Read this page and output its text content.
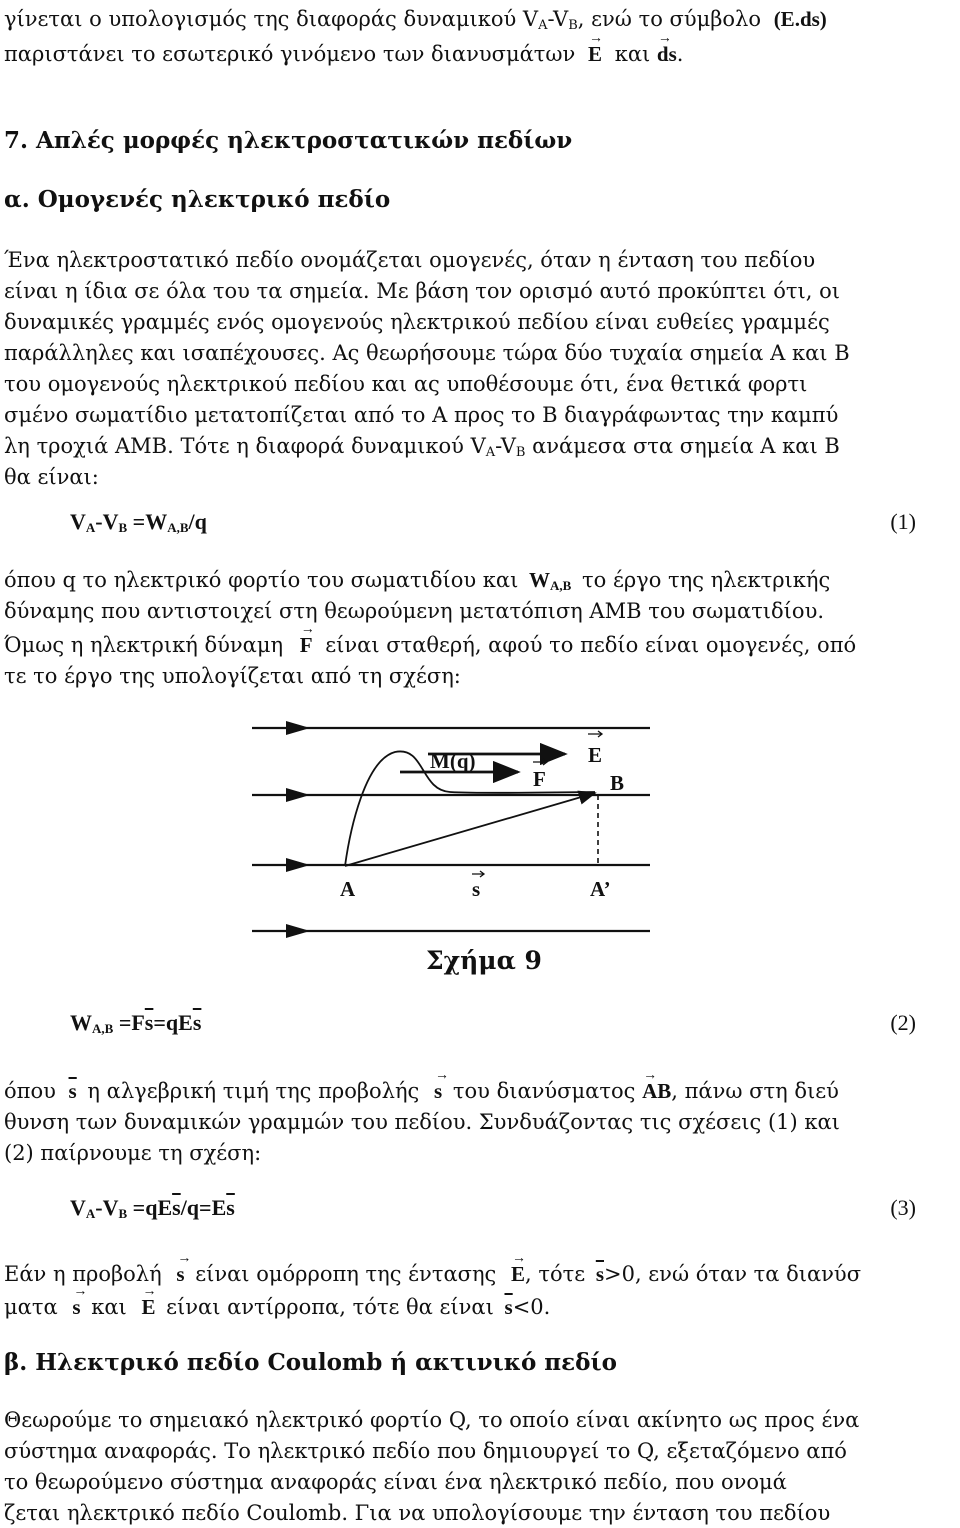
γίνεται ο υπολογισμός της διαφοράς δυναμικού $V_A-V_B$, ενώ το σύμβολο (E.ds)
παριστάνει το εσωτερικό γινόμενο των διανυσμάτων → E και → ds.
7. Απλές μορφές ηλεκτροστατικών πεδίων
α. Ομογενές ηλεκτρικό πεδίο
Ένα ηλεκτροστατικό πεδίο ονομάζεται ομογενές, όταν η ένταση του πεδίου
είναι η ίδια σε όλα του τα σημεία. Με βάση τον ορισμό αυτό προκύπτει ότι, οι
δυναμικές γραμμές ενός ομογενούς ηλεκτρικού πεδίου είναι ευθείες γραμμές
παράλληλες και ισαπέχουσες. Ας θεωρήσουμε τώρα δύο τυχαία σημεία Α και Β
του ομογενούς ηλεκτρικού πεδίου και ας υποθέσουμε ότι, ένα θετικά φορτι
σμένο σωματίδιο μετατοπίζεται από το Α προς το Β διαγράφωντας την καμπύ
λη τροχιά ΑΜΒ. Τότε η διαφορά δυναμικού $V_A-V_B$ ανάμεσα στα σημεία Α και Β
θα είναι:
$V_A-V_B =W_{A,B}/q$	(1)
όπου q το ηλεκτρικό φορτίο του σωματιδίου και $W_{A,B}$ το έργο της ηλεκτρικής
δύναμης που αντιστοιχεί στη θεωρούμενη μετατόπιση ΑΜΒ του σωματιδίου.
Όμως η ηλεκτρική δύναμη → F είναι σταθερή, αφού το πεδίο είναι ομογενές, οπό
τε το έργο της υπολογίζεται από τη σχέση:
M(q)	E
F	B
A	s	A’
Σχήμα 9
$W_{A,B} =F\overline{s}=qE\overline{s}$	(2)
όπου $\overline{s}$ η αλγεβρική τιμή της προβολής → s του διανύσματος → AB, πάνω στη διεύ
θυνση των δυναμικών γραμμών του πεδίου. Συνδυάζοντας τις σχέσεις (1) και
(2) παίρνουμε τη σχέση:
$V_A-V_B =qE\overline{s}/q=E\overline{s}$	(3)
Εάν η προβολή → s είναι ομόρροπη της έντασης → E, τότε $\overline{s}>0$, ενώ όταν τα διανύσ
ματα → s και → E είναι αντίρροπα, τότε θα είναι $\overline{s}<0$.
β. Ηλεκτρικό πεδίο Coulomb ή ακτινικό πεδίο
Θεωρούμε το σημειακό ηλεκτρικό φορτίο Q, το οποίο είναι ακίνητο ως προς ένα
σύστημα αναφοράς. Το ηλεκτρικό πεδίο που δημιουργεί το Q, εξεταζόμενο από
το θεωρούμενο σύστημα αναφοράς είναι ένα ηλεκτρικό πεδίο, που ονομά
ζεται ηλεκτρικό πεδίο Coulomb. Για να υπολογίσουμε την ένταση του πεδίου
